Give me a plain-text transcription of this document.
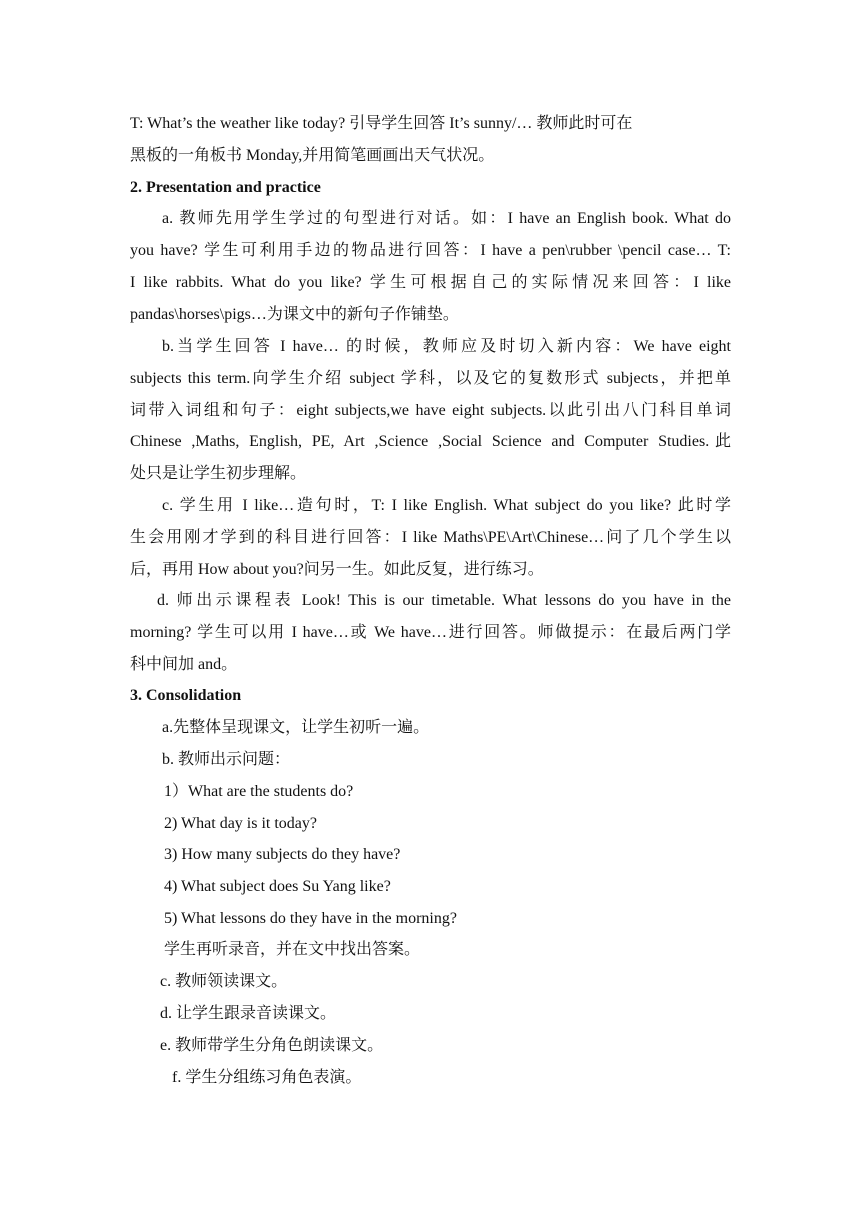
T: What’s the weather like today? 引导学生回答 It’s sunny/… 教师此时可在
黑板的一角板书 Monday,并用简笔画画出天气状况。
2. Presentation and practice
a. 教师先用学生学过的句型进行对话。如：I have an English book. What do
you have? 学生可利用手边的物品进行回答：I have a pen\rubber \pencil case… T:
I like rabbits. What do you like? 学生可根据自己的实际情况来回答：I like
pandas\horses\pigs…为课文中的新句子作铺垫。
b.当学生回答 I have… 的时候，教师应及时切入新内容：We have eight
subjects this term.向学生介绍 subject 学科，以及它的复数形式 subjects，并把单
词带入词组和句子：eight subjects,we have eight subjects.以此引出八门科目单词
Chinese ,Maths, English, PE, Art ,Science ,Social Science and Computer Studies.此
处只是让学生初步理解。
c. 学生用 I like…造句时，T: I like English. What subject do you like? 此时学
生会用刚才学到的科目进行回答：I like Maths\PE\Art\Chinese…问了几个学生以
后，再用 How about you?问另一生。如此反复，进行练习。
d. 师出示课程表 Look! This is our timetable. What lessons do you have in the
morning? 学生可以用 I have…或 We have…进行回答。师做提示：在最后两门学
科中间加 and。
3. Consolidation
a.先整体呈现课文，让学生初听一遍。
b. 教师出示问题：
1）What are the students do?
2) What day is it today?
3) How many subjects do they have?
4) What subject does Su Yang like?
5) What lessons do they have in the morning?
学生再听录音，并在文中找出答案。
c. 教师领读课文。
d. 让学生跟录音读课文。
e. 教师带学生分角色朗读课文。
f. 学生分组练习角色表演。
